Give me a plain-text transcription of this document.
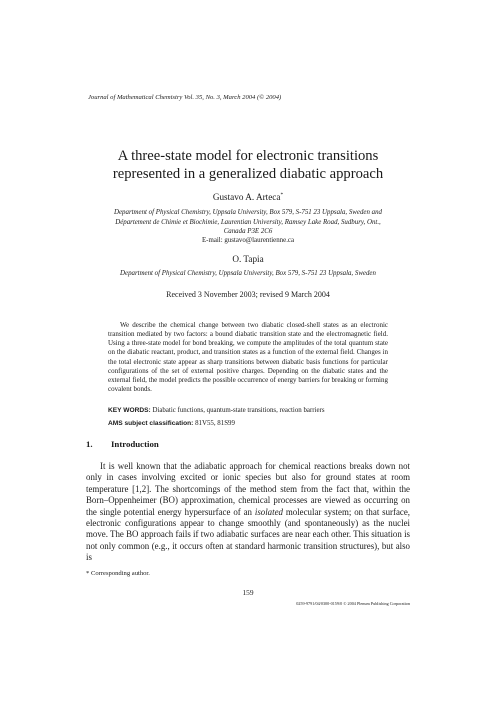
Journal of Mathematical Chemistry Vol. 35, No. 3, March 2004 (© 2004)
A three-state model for electronic transitions
represented in a generalized diabatic approach
Gustavo A. Arteca*
Department of Physical Chemistry, Uppsala University, Box 579, S-751 23 Uppsala, Sweden and
Département de Chimie et Biochimie, Laurentian University, Ramsey Lake Road, Sudbury, Ont.,
Canada P3E 2C6
E-mail: gustavo@laurentienne.ca
O. Tapia
Department of Physical Chemistry, Uppsala University, Box 579, S-751 23 Uppsala, Sweden
Received 3 November 2003; revised 9 March 2004

We describe the chemical change between two diabatic closed-shell states as an electronic transition mediated by two factors: a bound diabatic transition state and the electromagnetic field. Using a three-state model for bond breaking, we compute the amplitudes of the total quantum state on the diabatic reactant, product, and transition states as a function of the external field. Changes in the total electronic state appear as sharp transitions between diabatic basis functions for particular configurations of the set of external positive charges. Depending on the diabatic states and the external field, the model predicts the possible occurrence of energy barriers for breaking or forming covalent bonds.

KEY WORDS: Diabatic functions, quantum-state transitions, reaction barriers
AMS subject classification: 81V55, 81S99
1. Introduction

It is well known that the adiabatic approach for chemical reactions breaks down not only in cases involving excited or ionic species but also for ground states at room temperature [1,2]. The shortcomings of the method stem from the fact that, within the Born–Oppenheimer (BO) approximation, chemical processes are viewed as occurring on the single potential energy hypersurface of an isolated molecular system; on that surface, electronic configurations appear to change smoothly (and spontaneously) as the nuclei move. The BO approach fails if two adiabatic surfaces are near each other. This situation is not only common (e.g., it occurs often at standard harmonic transition structures), but also is

* Corresponding author.
159
0259-9791/04/0300-0159/0 © 2004 Plenum Publishing Corporation
